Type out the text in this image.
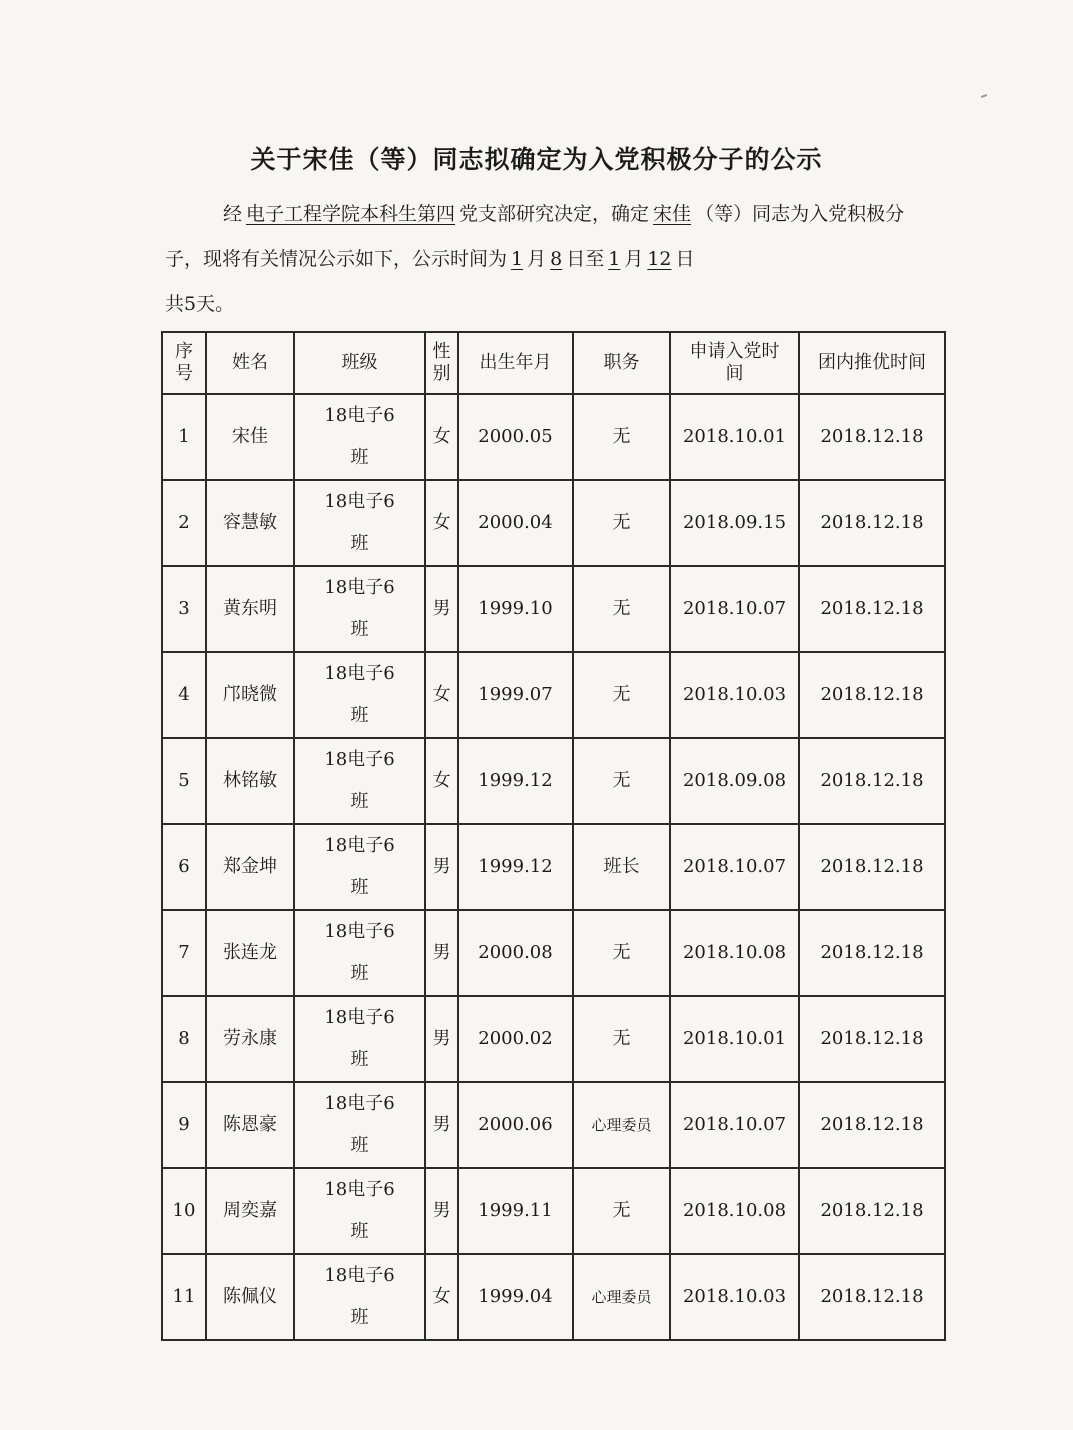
关于宋佳（等）同志拟确定为入党积极分子的公示
经 电子工程学院本科生第四 党支部研究决定，确定 宋佳 （等）同志为入党积极分子，现将有关情况公示如下，公示时间为 1 月 8 日至 1 月 12 日
共5天。
序号	姓名	班级	性别	出生年月	职务	申请入党时间	团内推优时间
1	宋佳	18电子6班	女	2000.05	无	2018.10.01	2018.12.18
2	容慧敏	18电子6班	女	2000.04	无	2018.09.15	2018.12.18
3	黄东明	18电子6班	男	1999.10	无	2018.10.07	2018.12.18
4	邝晓微	18电子6班	女	1999.07	无	2018.10.03	2018.12.18
5	林铭敏	18电子6班	女	1999.12	无	2018.09.08	2018.12.18
6	郑金坤	18电子6班	男	1999.12	班长	2018.10.07	2018.12.18
7	张连龙	18电子6班	男	2000.08	无	2018.10.08	2018.12.18
8	劳永康	18电子6班	男	2000.02	无	2018.10.01	2018.12.18
9	陈恩豪	18电子6班	男	2000.06	心理委员	2018.10.07	2018.12.18
10	周奕嘉	18电子6班	男	1999.11	无	2018.10.08	2018.12.18
11	陈佩仪	18电子6班	女	1999.04	心理委员	2018.10.03	2018.12.18
